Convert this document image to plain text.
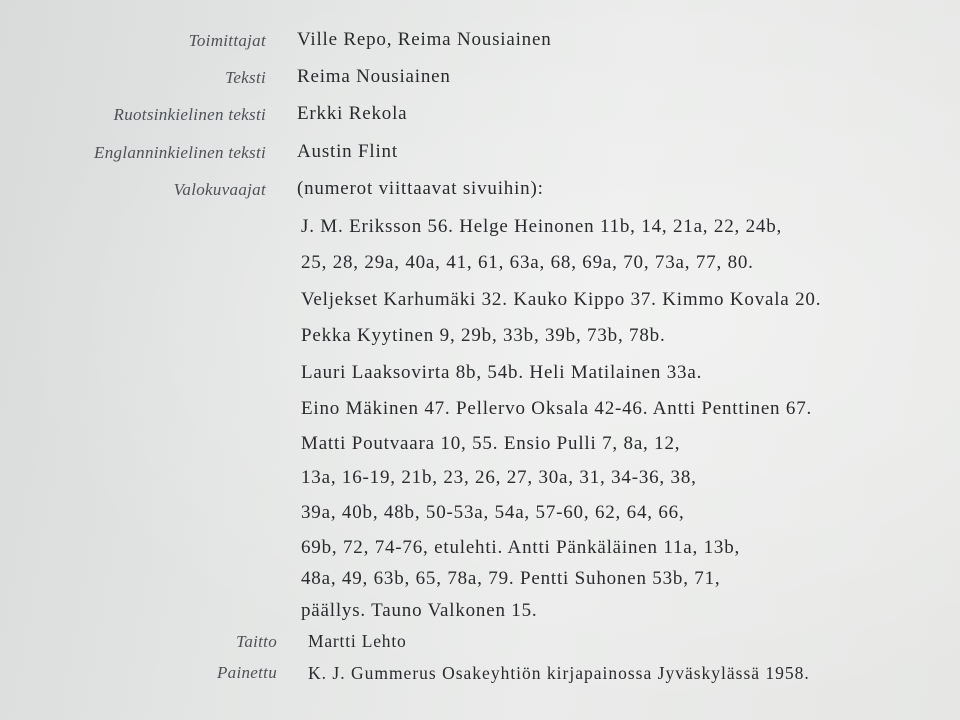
Toimittajat Ville Repo, Reima Nousiainen
Teksti Reima Nousiainen
Ruotsinkielinen teksti Erkki Rekola
Englanninkielinen teksti Austin Flint
Valokuvaajat (numerot viittaavat sivuihin):
J. M. Eriksson 56. Helge Heinonen 11b, 14, 21a, 22, 24b,
25, 28, 29a, 40a, 41, 61, 63a, 68, 69a, 70, 73a, 77, 80.
Veljekset Karhumäki 32. Kauko Kippo 37. Kimmo Kovala 20.
Pekka Kyytinen 9, 29b, 33b, 39b, 73b, 78b.
Lauri Laaksovirta 8b, 54b. Heli Matilainen 33a.
Eino Mäkinen 47. Pellervo Oksala 42-46. Antti Penttinen 67.
Matti Poutvaara 10, 55. Ensio Pulli 7, 8a, 12,
13a, 16-19, 21b, 23, 26, 27, 30a, 31, 34-36, 38,
39a, 40b, 48b, 50-53a, 54a, 57-60, 62, 64, 66,
69b, 72, 74-76, etulehti. Antti Pänkäläinen 11a, 13b,
48a, 49, 63b, 65, 78a, 79. Pentti Suhonen 53b, 71,
päällys. Tauno Valkonen 15.
Taitto Martti Lehto
Painettu K. J. Gummerus Osakeyhtiön kirjapainossa Jyväskylässä 1958.
